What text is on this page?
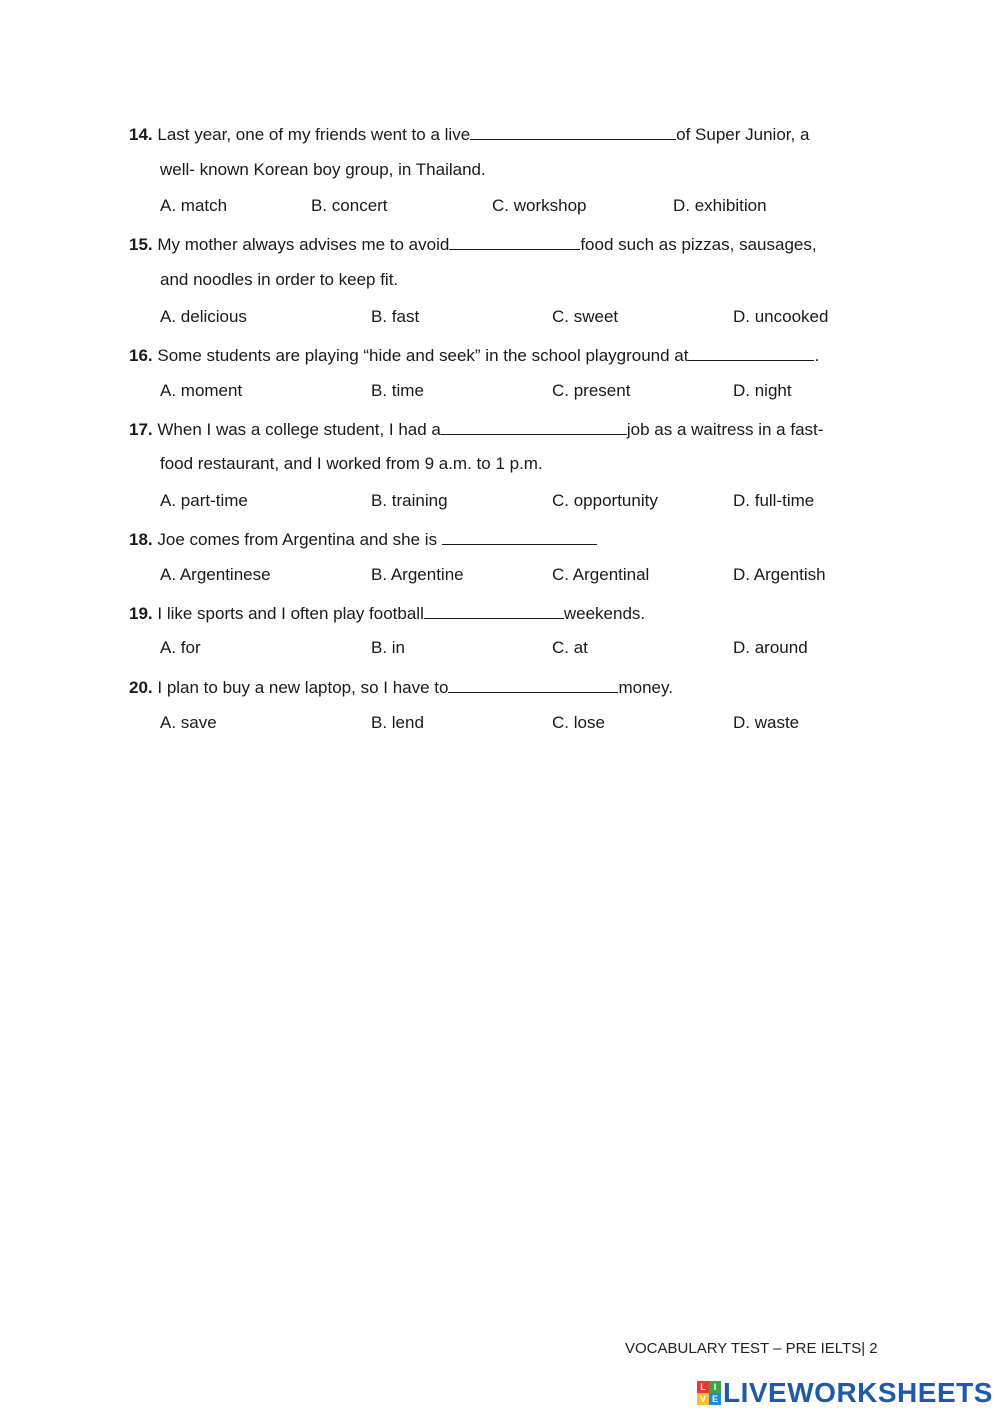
14. Last year, one of my friends went to a live	of Super Junior, a
well- known Korean boy group, in Thailand.
A. match	B. concert	C. workshop	D. exhibition
15. My mother always advises me to avoid	food such as pizzas, sausages,
and noodles in order to keep fit.
A. delicious	B. fast	C. sweet	D. uncooked
16. Some students are playing “hide and seek” in the school playground at	.
A. moment	B. time	C. present	D. night
17. When I was a college student, I had a	job as a waitress in a fast-
food restaurant, and I worked from 9 a.m. to 1 p.m.
A. part-time	B. training	C. opportunity	D. full-time
18. Joe comes from Argentina and she is
A. Argentinese	B. Argentine	C. Argentinal	D. Argentish
19. I like sports and I often play football	weekends.
A. for	B. in	C. at	D. around
20. I plan to buy a new laptop, so I have to	money.
A. save	B. lend	C. lose	D. waste
VOCABULARY TEST – PRE IELTS| 2
L I
V E LIVEWORKSHEETS
